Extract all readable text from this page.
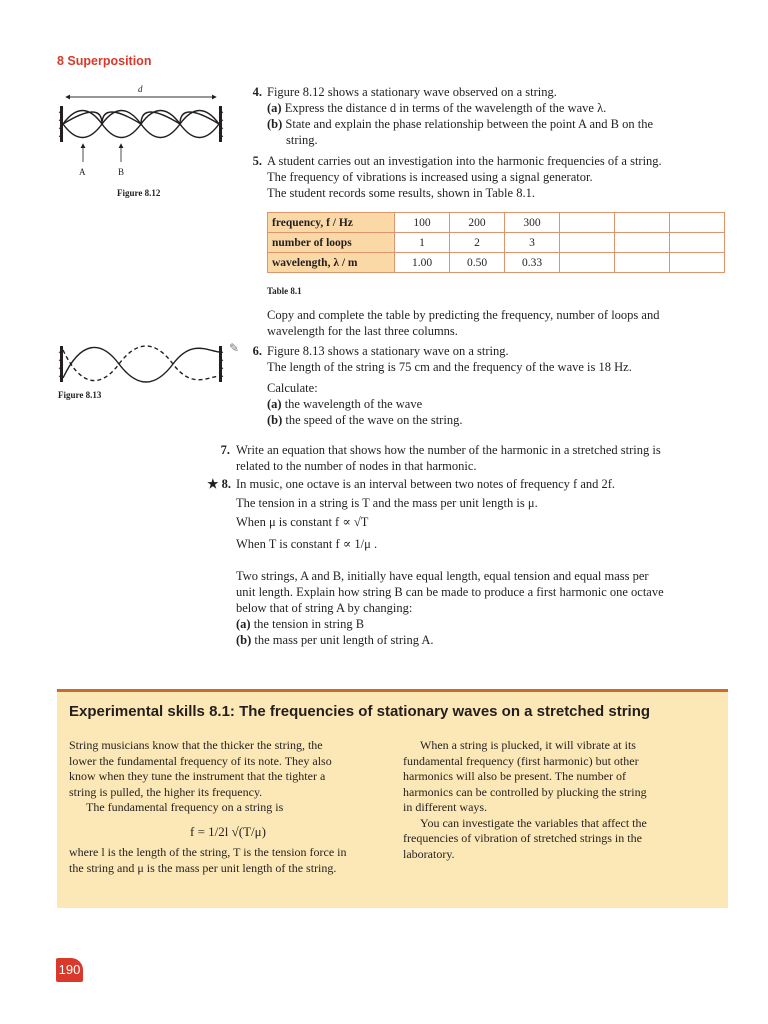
8 Superposition
d
A	B
Figure 8.12
Figure 8.13
4. Figure 8.12 shows a stationary wave observed on a string.
(a) Express the distance d in terms of the wavelength of the wave λ.
(b) State and explain the phase relationship between the point A and B on the
string.
5. A student carries out an investigation into the harmonic frequencies of a string.
The frequency of vibrations is increased using a signal generator.
The student records some results, shown in Table 8.1.
frequency, f / Hz	100	200	300			
number of loops	1	2	3			
wavelength, λ / m	1.00	0.50	0.33			
Table 8.1
Copy and complete the table by predicting the frequency, number of loops and
wavelength for the last three columns.
✎	6. Figure 8.13 shows a stationary wave on a string.
The length of the string is 75 cm and the frequency of the wave is 18 Hz.
Calculate:
(a) the wavelength of the wave
(b) the speed of the wave on the string.
7. Write an equation that shows how the number of the harmonic in a stretched string is
related to the number of nodes in that harmonic.
★ 8. In music, one octave is an interval between two notes of frequency f and 2f.
The tension in a string is T and the mass per unit length is μ.
When μ is constant f ∝ √T
When T is constant f ∝ 1/μ .
Two strings, A and B, initially have equal length, equal tension and equal mass per
unit length. Explain how string B can be made to produce a first harmonic one octave
below that of string A by changing:
(a) the tension in string B
(b) the mass per unit length of string A.
Experimental skills 8.1: The frequencies of stationary waves on a stretched string
String musicians know that the thicker the string, the
lower the fundamental frequency of its note. They also
know when they tune the instrument that the tighter a
string is pulled, the higher its frequency.
The fundamental frequency on a string is
f = 1/2l √(T/μ)
where l is the length of the string, T is the tension force in
the string and μ is the mass per unit length of the string.
When a string is plucked, it will vibrate at its
fundamental frequency (first harmonic) but other
harmonics will also be present. The number of
harmonics can be controlled by plucking the string
in different ways.
You can investigate the variables that affect the
frequencies of vibration of stretched strings in the
laboratory.
190
